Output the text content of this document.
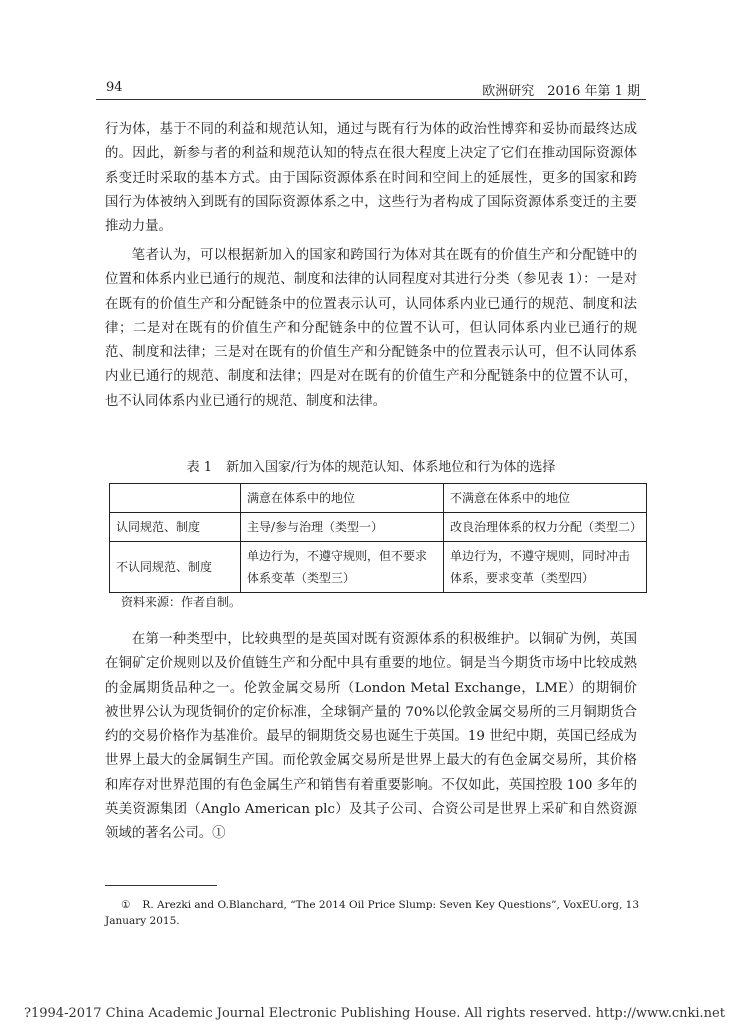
94	欧洲研究　2016 年第 1 期

行为体，基于不同的利益和规范认知，通过与既有行为体的政治性博弈和妥协而最终达成的。因此，新参与者的利益和规范认知的特点在很大程度上决定了它们在推动国际资源体系变迁时采取的基本方式。由于国际资源体系在时间和空间上的延展性，更多的国家和跨国行为体被纳入到既有的国际资源体系之中，这些行为者构成了国际资源体系变迁的主要推动力量。

笔者认为，可以根据新加入的国家和跨国行为体对其在既有的价值生产和分配链中的位置和体系内业已通行的规范、制度和法律的认同程度对其进行分类（参见表 1）：一是对在既有的价值生产和分配链条中的位置表示认可，认同体系内业已通行的规范、制度和法律；二是对在既有的价值生产和分配链条中的位置不认可，但认同体系内业已通行的规范、制度和法律；三是对在既有的价值生产和分配链条中的位置表示认可，但不认同体系内业已通行的规范、制度和法律；四是对在既有的价值生产和分配链条中的位置不认可，也不认同体系内业已通行的规范、制度和法律。

表 1 新加入国家/行为体的规范认知、体系地位和行为体的选择
	满意在体系中的地位	不满意在体系中的地位
认同规范、制度	主导/参与治理（类型一）	改良治理体系的权力分配（类型二）
不认同规范、制度	单边行为，不遵守规则，但不要求体系变革（类型三）	单边行为，不遵守规则，同时冲击体系，要求变革（类型四）
资料来源：作者自制。

在第一种类型中，比较典型的是英国对既有资源体系的积极维护。以铜矿为例，英国在铜矿定价规则以及价值链生产和分配中具有重要的地位。铜是当今期货市场中比较成熟的金属期货品种之一。伦敦金属交易所（London Metal Exchange，LME）的期铜价被世界公认为现货铜价的定价标准，全球铜产量的 70%以伦敦金属交易所的三月铜期货合约的交易价格作为基准价。最早的铜期货交易也诞生于英国。19 世纪中期，英国已经成为世界上最大的金属铜生产国。而伦敦金属交易所是世界上最大的有色金属交易所，其价格和库存对世界范围的有色金属生产和销售有着重要影响。不仅如此，英国控股 100 多年的英美资源集团（Anglo American plc）及其子公司、合资公司是世界上采矿和自然资源领域的著名公司。①

① R. Arezki and O.Blanchard, “The 2014 Oil Price Slump: Seven Key Questions”, VoxEU.org, 13 January 2015.
?1994-2017 China Academic Journal Electronic Publishing House. All rights reserved. http://www.cnki.net
